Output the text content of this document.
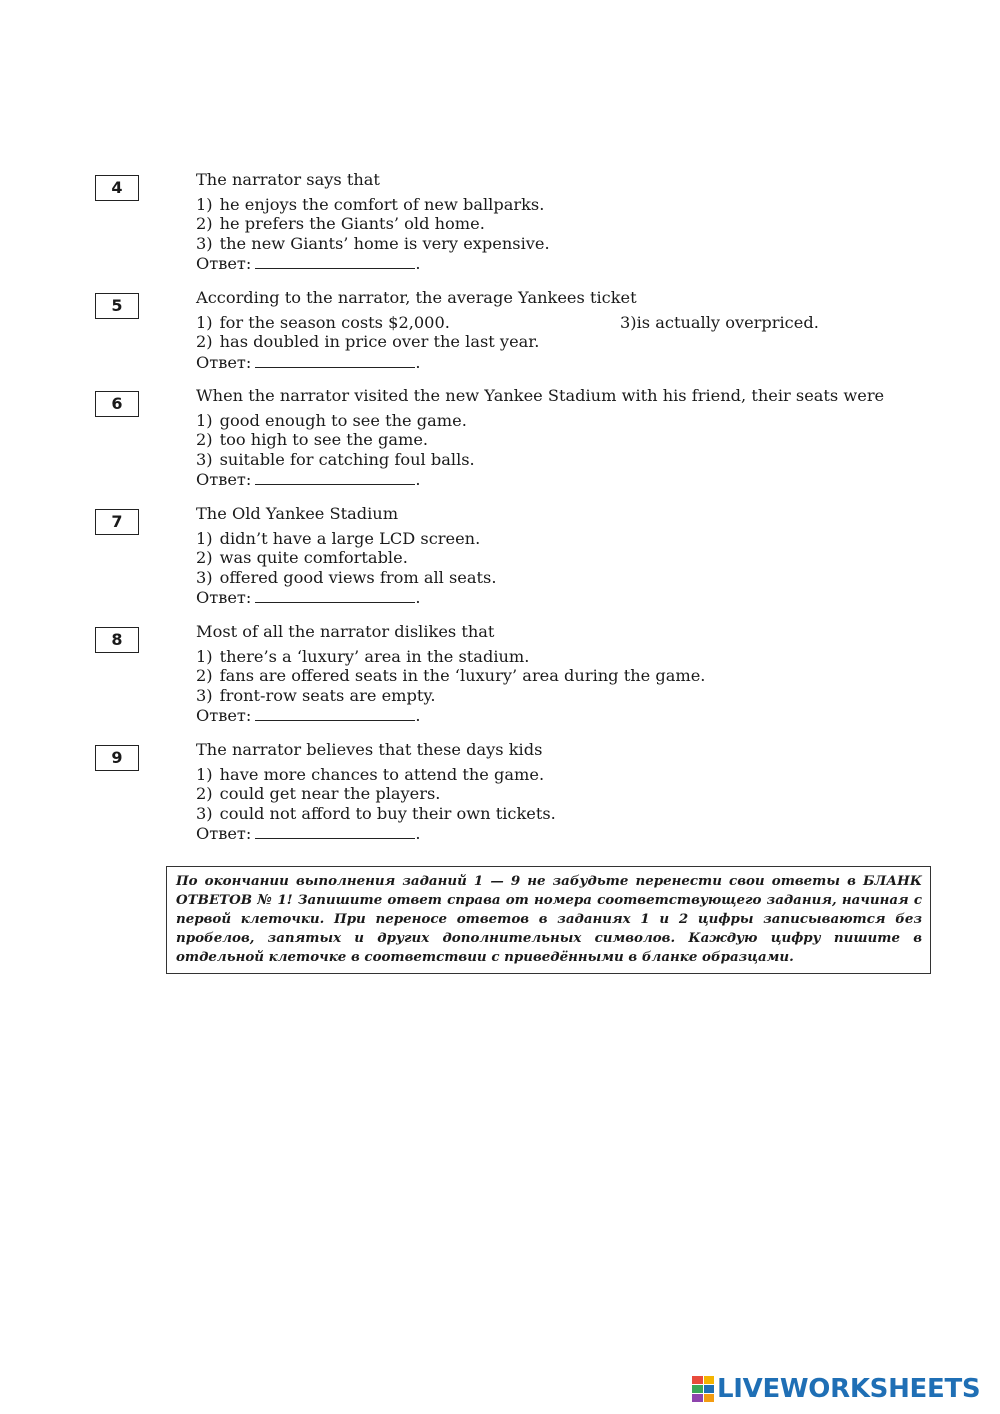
4	The narrator says that
1) he enjoys the comfort of new ballparks.
2) he prefers the Giants’ old home.
3) the new Giants’ home is very expensive.
Ответ:	.
5	According to the narrator, the average Yankees ticket
1) for the season costs $2,000.	3)is actually overpriced.
2) has doubled in price over the last year.
Ответ:	.
6	When the narrator visited the new Yankee Stadium with his friend, their seats were
1) good enough to see the game.
2) too high to see the game.
3) suitable for catching foul balls.
Ответ:	.
7	The Old Yankee Stadium
1) didn’t have a large LCD screen.
2) was quite comfortable.
3) offered good views from all seats.
Ответ:	.
8	Most of all the narrator dislikes that
1) there’s a ‘luxury’ area in the stadium.
2) fans are offered seats in the ‘luxury’ area during the game.
3) front-row seats are empty.
Ответ:	.
9	The narrator believes that these days kids
1) have more chances to attend the game.
2) could get near the players.
3) could not afford to buy their own tickets.
Ответ:	.
По окончании выполнения заданий 1 — 9 не забудьте перенести свои ответы в БЛАНК ОТВЕТОВ № 1! Запишите ответ справа от номера соответствующего задания, начиная с первой клеточки. При переносе ответов в заданиях 1 и 2 цифры записываются без пробелов, запятых и других дополнительных символов. Каждую цифру пишите в отдельной клеточке в соответствии с приведёнными в бланке образцами.
LIVEWORKSHEETS
